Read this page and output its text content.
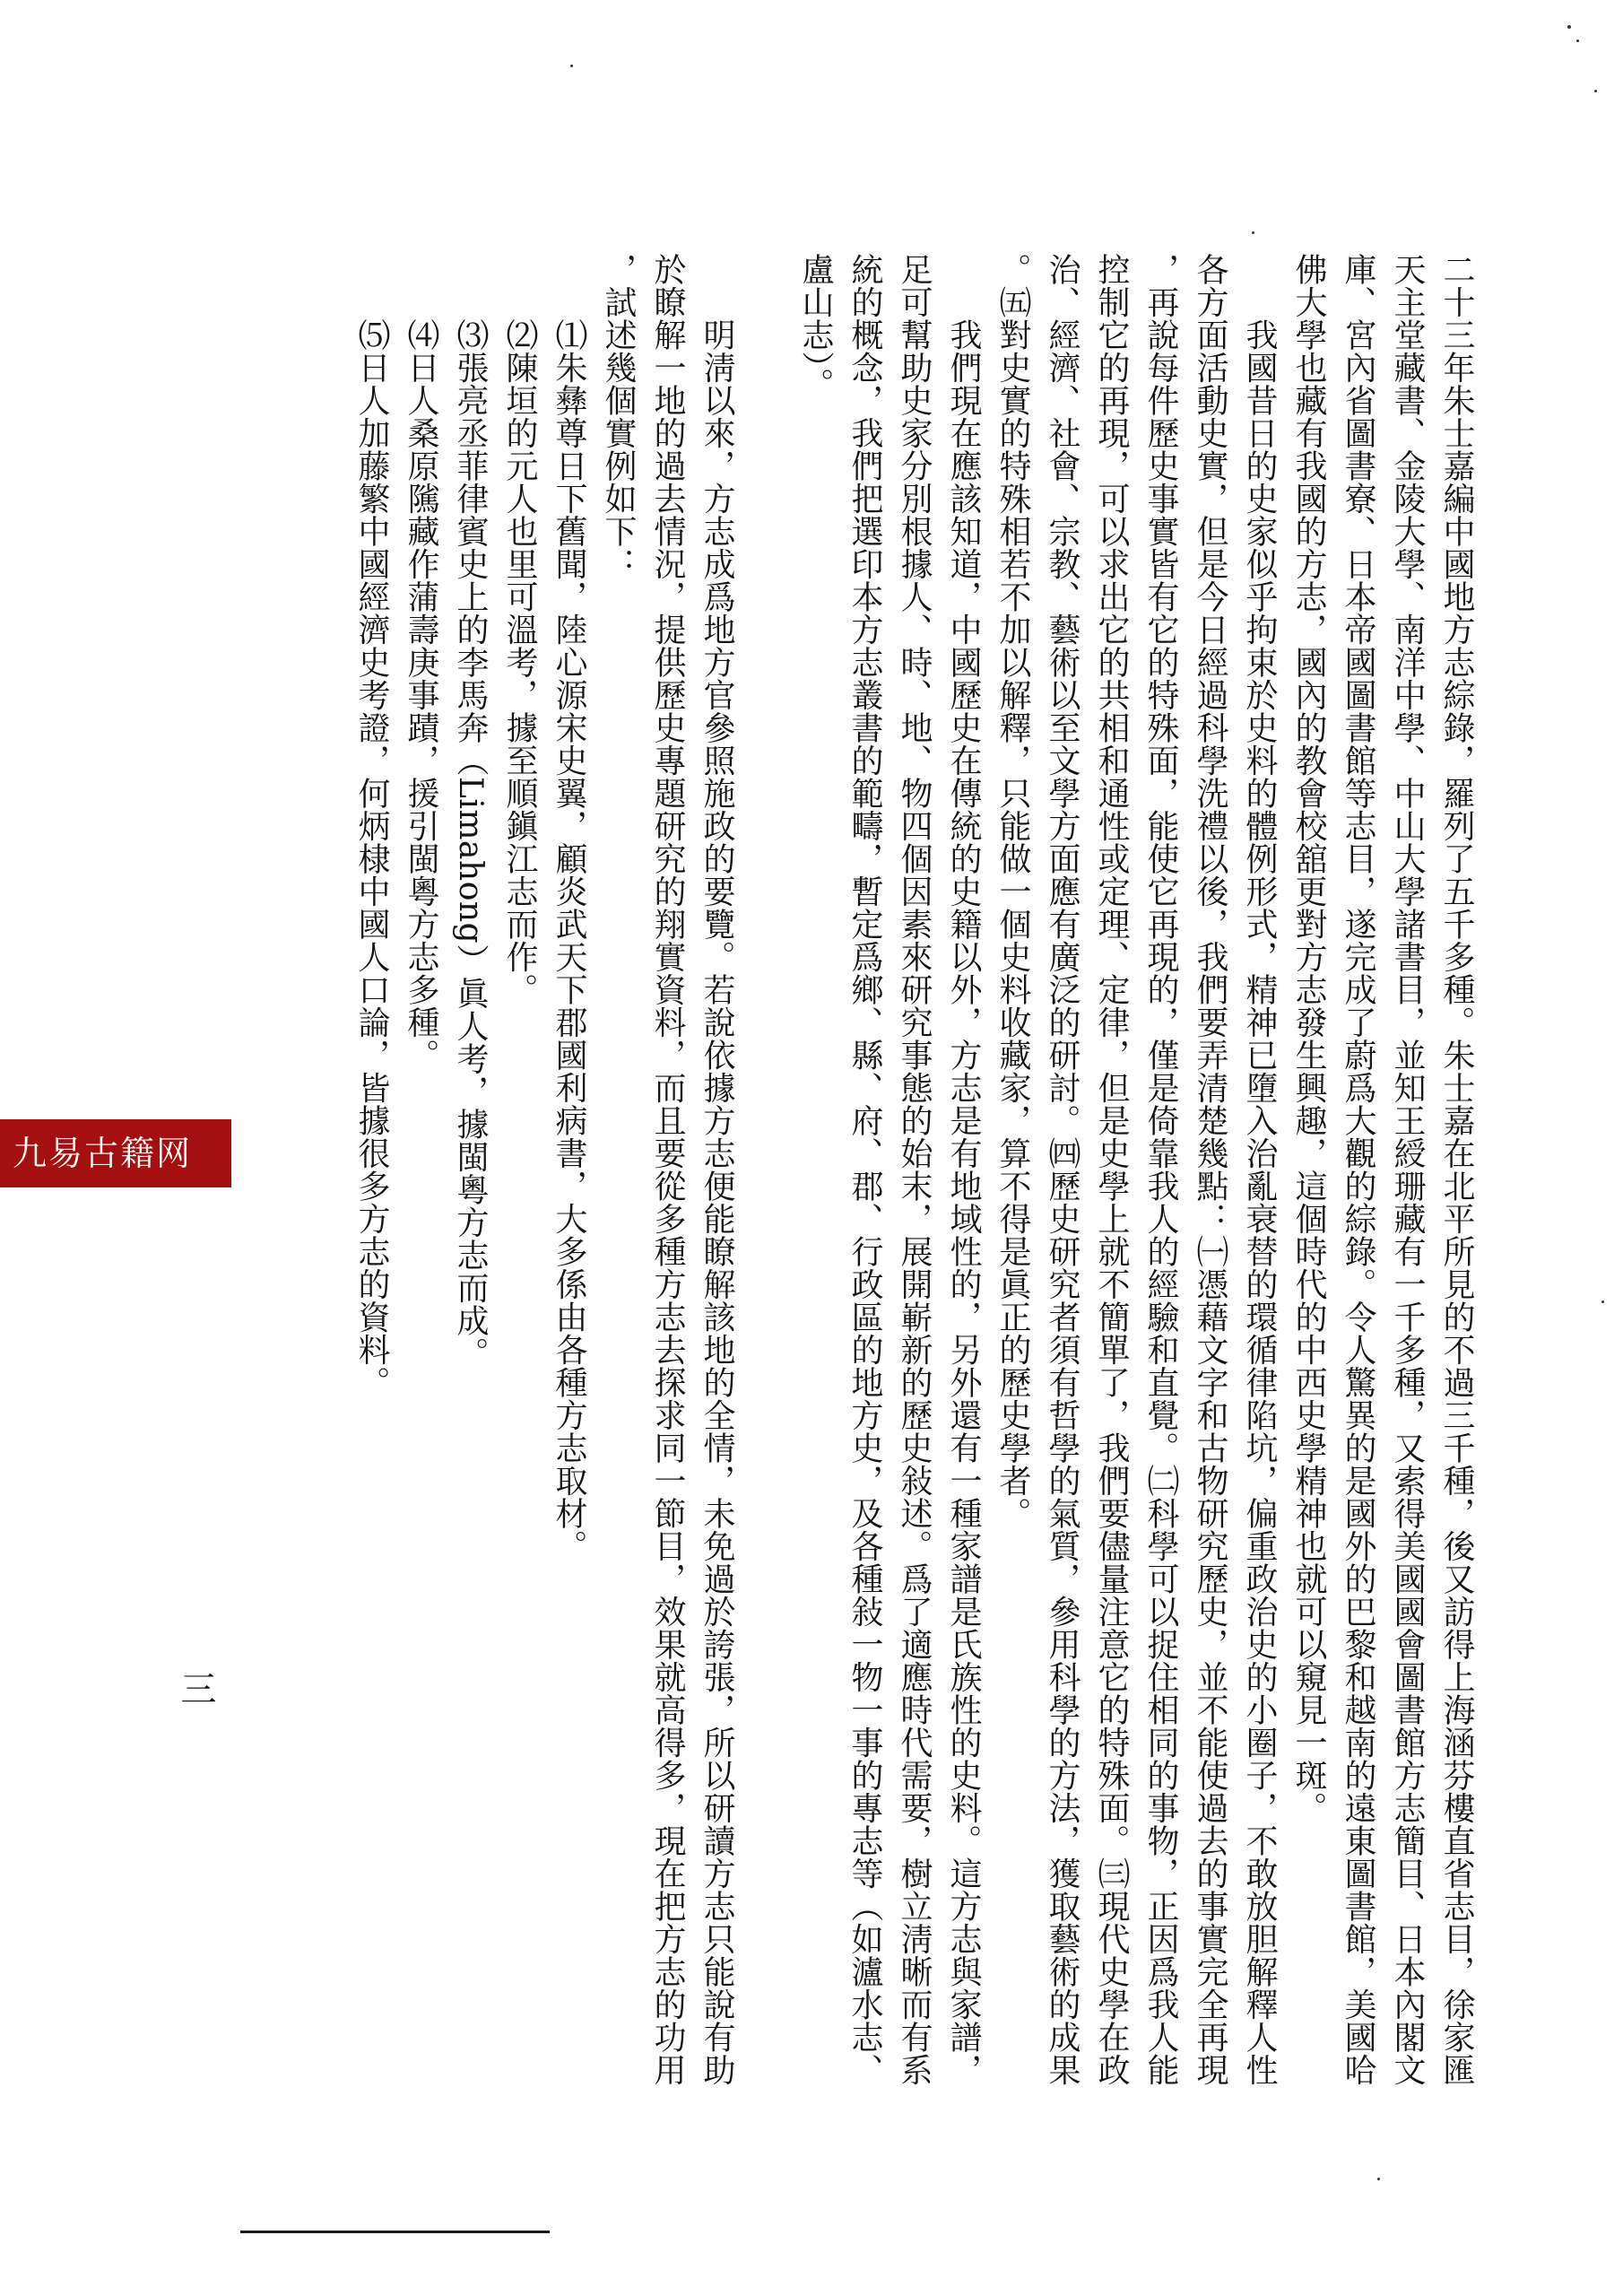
二十三年朱士嘉編中國地方志綜錄，羅列了五千多種。朱士嘉在北平所見的不過三千種，後又訪得上海涵芬樓直省志目，徐家匯
天主堂藏書、金陵大學、南洋中學、中山大學諸書目，並知王綬珊藏有一千多種，又索得美國國會圖書館方志簡目、日本內閣文
庫、宮內省圖書寮、日本帝國圖書館等志目，遂完成了蔚爲大觀的綜錄。令人驚異的是國外的巴黎和越南的遠東圖書館，美國哈
佛大學也藏有我國的方志，國內的教會校舘更對方志發生興趣，這個時代的中西史學精神也就可以窺見一斑。
　　我國昔日的史家似乎拘束於史料的體例形式，精神已墮入治亂衰替的環循律陷坑，偏重政治史的小圈子，不敢放胆解釋人性
各方面活動史實，但是今日經過科學洗禮以後，我們要弄清楚幾點：㈠憑藉文字和古物研究歷史，並不能使過去的事實完全再現
，再說每件歷史事實皆有它的特殊面，能使它再現的，僅是倚靠我人的經驗和直覺。㈡科學可以捉住相同的事物，正因爲我人能
控制它的再現，可以求出它的共相和通性或定理、定律，但是史學上就不簡單了，我們要儘量注意它的特殊面。㈢現代史學在政
治、經濟、社會、宗教、藝術以至文學方面應有廣泛的研討。㈣歷史研究者須有哲學的氣質，參用科學的方法，獲取藝術的成果
。㈤對史實的特殊相若不加以解釋，只能做一個史料收藏家，算不得是眞正的歷史學者。
　　我們現在應該知道，中國歷史在傳統的史籍以外，方志是有地域性的，另外還有一種家譜是氏族性的史料。這方志與家譜，
足可幫助史家分別根據人、時、地、物四個因素來研究事態的始末，展開嶄新的歷史敍述。爲了適應時代需要，樹立淸晰而有系
統的概念，我們把選印本方志叢書的範疇，暫定爲鄉、縣、府、郡、行政區的地方史，及各種敍一物一事的專志等（如瀘水志、
盧山志）。
　　明淸以來，方志成爲地方官參照施政的要覽。若說依據方志便能瞭解該地的全情，未免過於誇張，所以研讀方志只能說有助
於瞭解一地的過去情況，提供歷史專題研究的翔實資料，而且要從多種方志去探求同一節目，效果就高得多，現在把方志的功用
，試述幾個實例如下：
　　⑴朱彝尊日下舊聞，陸心源宋史翼，顧炎武天下郡國利病書，大多係由各種方志取材。
　　⑵陳垣的元人也里可溫考，據至順鎭江志而作。
　　⑶張亮丞菲律賓史上的李馬奔（Limahong）眞人考，據閩粵方志而成。
　　⑷日人桑原隲藏作蒲壽庚事蹟，援引閩粵方志多種。
　　⑸日人加藤繁中國經濟史考證，何炳棣中國人口論，皆據很多方志的資料。
三
九易古籍网
